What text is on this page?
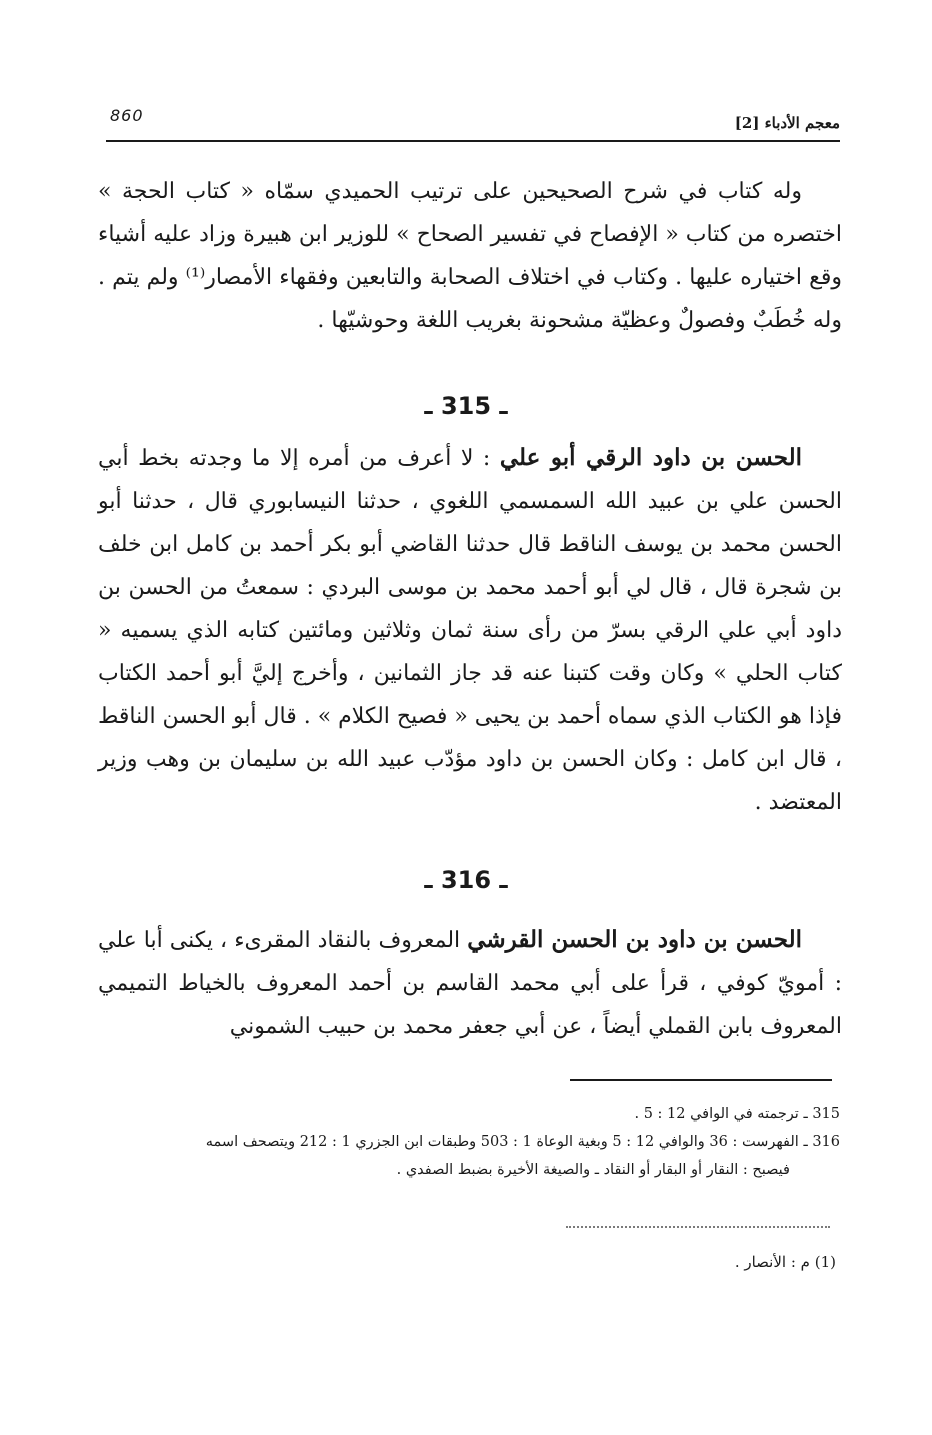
860	معجم الأدباء [2]

وله كتاب في شرح الصحيحين على ترتيب الحميدي سمّاه « كتاب الحجة » اختصره من كتاب « الإفصاح في تفسير الصحاح » للوزير ابن هبيرة وزاد عليه أشياء وقع اختياره عليها . وكتاب في اختلاف الصحابة والتابعين وفقهاء الأمصار⁽¹⁾ ولم يتم . وله خُطَبٌ وفصولٌ وعظيّة مشحونة بغريب اللغة وحوشيّها .

ـ 315 ـ

الحسن بن داود الرقي أبو علي : لا أعرف من أمره إلا ما وجدته بخط أبي الحسن علي بن عبيد الله السمسمي اللغوي ، حدثنا النيسابوري قال ، حدثنا أبو الحسن محمد بن يوسف الناقط قال حدثنا القاضي أبو بكر أحمد بن كامل ابن خلف بن شجرة قال ، قال لي أبو أحمد محمد بن موسى البردي : سمعتُ من الحسن بن داود أبي علي الرقي بسرّ من رأى سنة ثمان وثلاثين ومائتين كتابه الذي يسميه « كتاب الحلي » وكان وقت كتبنا عنه قد جاز الثمانين ، وأخرج إليَّ أبو أحمد الكتاب فإذا هو الكتاب الذي سماه أحمد بن يحيى « فصيح الكلام » . قال أبو الحسن الناقط ، قال ابن كامل : وكان الحسن بن داود مؤدّب عبيد الله بن سليمان بن وهب وزير المعتضد .

ـ 316 ـ

الحسن بن داود بن الحسن القرشي المعروف بالنقاد المقرىء ، يكنى أبا علي : أمويّ كوفي ، قرأ على أبي محمد القاسم بن أحمد المعروف بالخياط التميمي المعروف بابن القملي أيضاً ، عن أبي جعفر محمد بن حبيب الشموني

315 ـ ترجمته في الوافي 12 : 5 .

316 ـ الفهرست : 36 والوافي 12 : 5 وبغية الوعاة 1 : 503 وطبقات ابن الجزري 1 : 212 ويتصحف اسمه

فيصبح : النقار أو البقار أو النقاد ـ والصيغة الأخيرة بضبط الصفدي .

(1) م : الأنصار .
